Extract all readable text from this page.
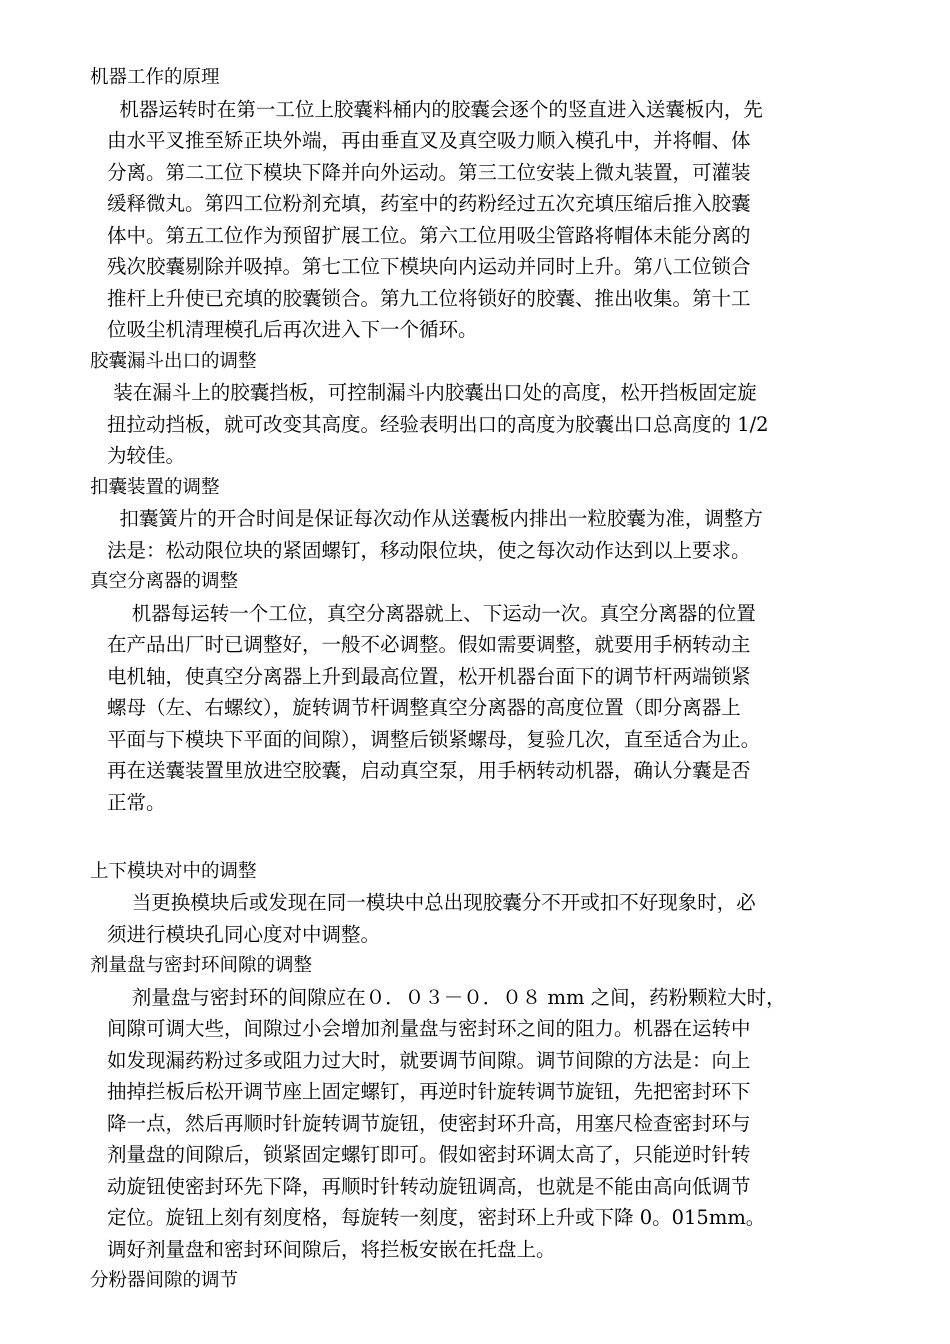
机器工作的原理
机器运转时在第一工位上胶囊料桶内的胶囊会逐个的竖直进入送囊板内，先
由水平叉推至矫正块外端，再由垂直叉及真空吸力顺入模孔中，并将帽、体
分离。第二工位下模块下降并向外运动。第三工位安装上微丸装置，可灌装
缓释微丸。第四工位粉剂充填，药室中的药粉经过五次充填压缩后推入胶囊
体中。第五工位作为预留扩展工位。第六工位用吸尘管路将帽体未能分离的
残次胶囊剔除并吸掉。第七工位下模块向内运动并同时上升。第八工位锁合
推杆上升使已充填的胶囊锁合。第九工位将锁好的胶囊、推出收集。第十工
位吸尘机清理模孔后再次进入下一个循环。
胶囊漏斗出口的调整
装在漏斗上的胶囊挡板，可控制漏斗内胶囊出口处的高度，松开挡板固定旋
扭拉动挡板，就可改变其高度。经验表明出口的高度为胶囊出口总高度的 1/2
为较佳。
扣囊装置的调整
扣囊簧片的开合时间是保证每次动作从送囊板内排出一粒胶囊为准，调整方
法是：松动限位块的紧固螺钉，移动限位块，使之每次动作达到以上要求。
真空分离器的调整
机器每运转一个工位，真空分离器就上、下运动一次。真空分离器的位置
在产品出厂时已调整好，一般不必调整。假如需要调整，就要用手柄转动主
电机轴，使真空分离器上升到最高位置，松开机器台面下的调节杆两端锁紧
螺母（左、右螺纹），旋转调节杆调整真空分离器的高度位置（即分离器上
平面与下模块下平面的间隙），调整后锁紧螺母，复验几次，直至适合为止。
再在送囊装置里放进空胶囊，启动真空泵，用手柄转动机器，确认分囊是否
正常。
上下模块对中的调整
当更换模块后或发现在同一模块中总出现胶囊分不开或扣不好现象时，必
须进行模块孔同心度对中调整。
剂量盘与密封环间隙的调整
剂量盘与密封环的间隙应在０．０３－０．０８ mm 之间，药粉颗粒大时，
间隙可调大些，间隙过小会增加剂量盘与密封环之间的阻力。机器在运转中
如发现漏药粉过多或阻力过大时，就要调节间隙。调节间隙的方法是：向上
抽掉拦板后松开调节座上固定螺钉，再逆时针旋转调节旋钮，先把密封环下
降一点，然后再顺时针旋转调节旋钮，使密封环升高，用塞尺检查密封环与
剂量盘的间隙后，锁紧固定螺钉即可。假如密封环调太高了，只能逆时针转
动旋钮使密封环先下降，再顺时针转动旋钮调高，也就是不能由高向低调节
定位。旋钮上刻有刻度格，每旋转一刻度，密封环上升或下降 0。015mm。
调好剂量盘和密封环间隙后，将拦板安嵌在托盘上。
分粉器间隙的调节
